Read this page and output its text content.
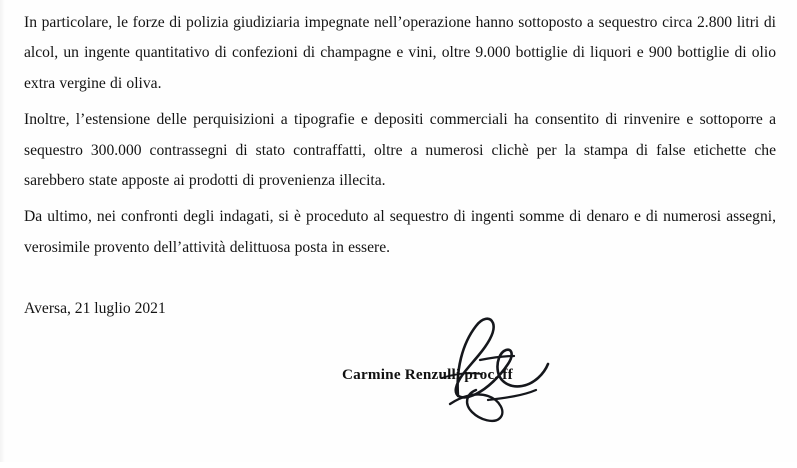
In particolare, le forze di polizia giudiziaria impegnate nell’operazione hanno sottoposto a sequestro circa 2.800 litri di alcol, un ingente quantitativo di confezioni di champagne e vini, oltre 9.000 bottiglie di liquori e 900 bottiglie di olio extra vergine di oliva.

Inoltre, l’estensione delle perquisizioni a tipografie e depositi commerciali ha consentito di rinvenire e sottoporre a sequestro 300.000 contrassegni di stato contraffatti, oltre a numerosi clichè per la stampa di false etichette che sarebbero state apposte ai prodotti di provenienza illecita.

Da ultimo, nei confronti degli indagati, si è proceduto al sequestro di ingenti somme di denaro e di numerosi assegni, verosimile provento dell’attività delittuosa posta in essere.

Aversa, 21 luglio 2021
Carmine Renzulli proc. ff
